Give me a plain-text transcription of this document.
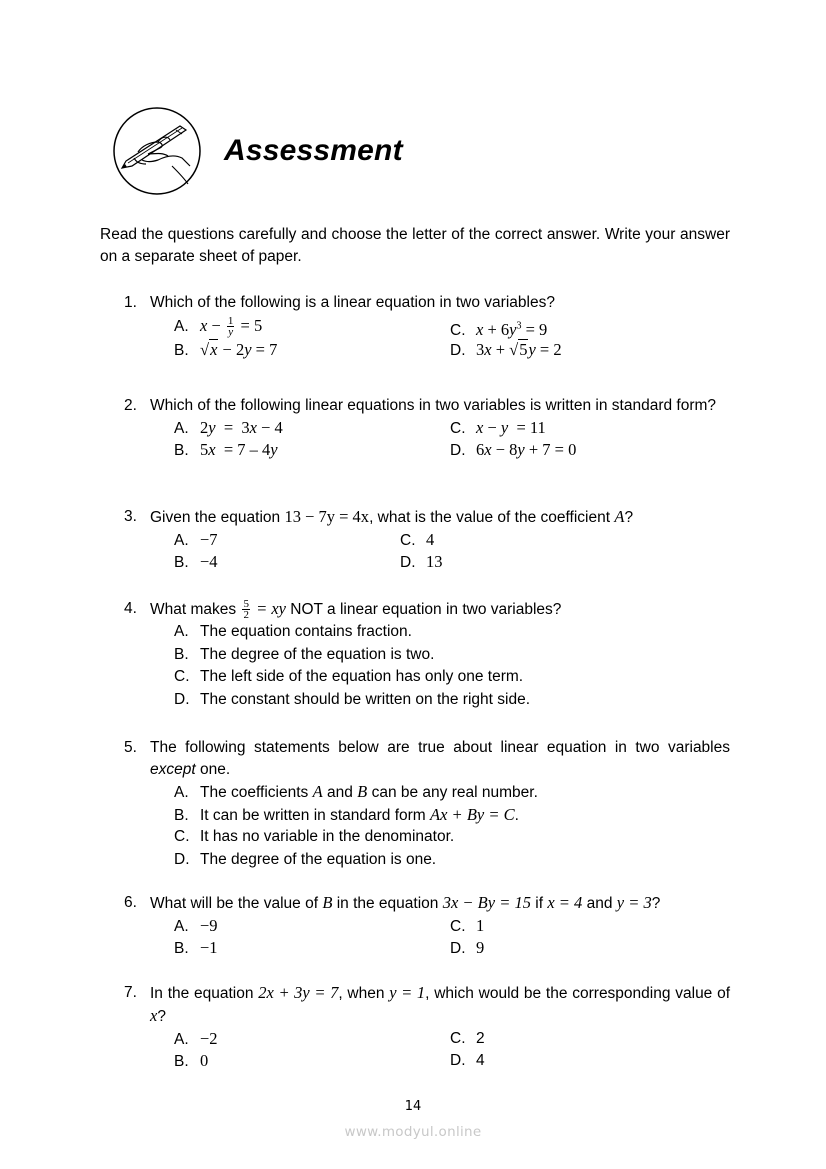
Assessment
Read the questions carefully and choose the letter of the correct answer. Write your answer on a separate sheet of paper.
1. Which of the following is a linear equation in two variables?
A. $x - \frac{1}{y} = 5$
B. √x − 2y = 7
C. $x + 6y^3 = 9$
D. 3x + √5y = 2
2. Which of the following linear equations in two variables is written in standard form?
A. 2y  =  3x − 4
B. 5x  = 7 – 4y
C. x − y  = 11
D. 6x − 8y + 7 = 0
3. Given the equation 13 − 7y = 4x, what is the value of the coefficient A?
A. −7
B. −4
C. 4
D. 13
4. What makes $\frac{5}{2}$ = xy NOT a linear equation in two variables?
A. The equation contains fraction.
B. The degree of the equation is two.
C. The left side of the equation has only one term.
D. The constant should be written on the right side.
5. The following statements below are true about linear equation in two variables except one.
A. The coefficients A and B can be any real number.
B. It can be written in standard form Ax + By = C.
C. It has no variable in the denominator.
D. The degree of the equation is one.
6. What will be the value of B in the equation 3x − By = 15 if x = 4 and y = 3?
A. −9
B. −1
C. 1
D. 9
7. In the equation 2x + 3y = 7, when y = 1, which would be the corresponding value of x?
A. −2
B. 0
C. 2
D. 4
14
www.modyul.online
